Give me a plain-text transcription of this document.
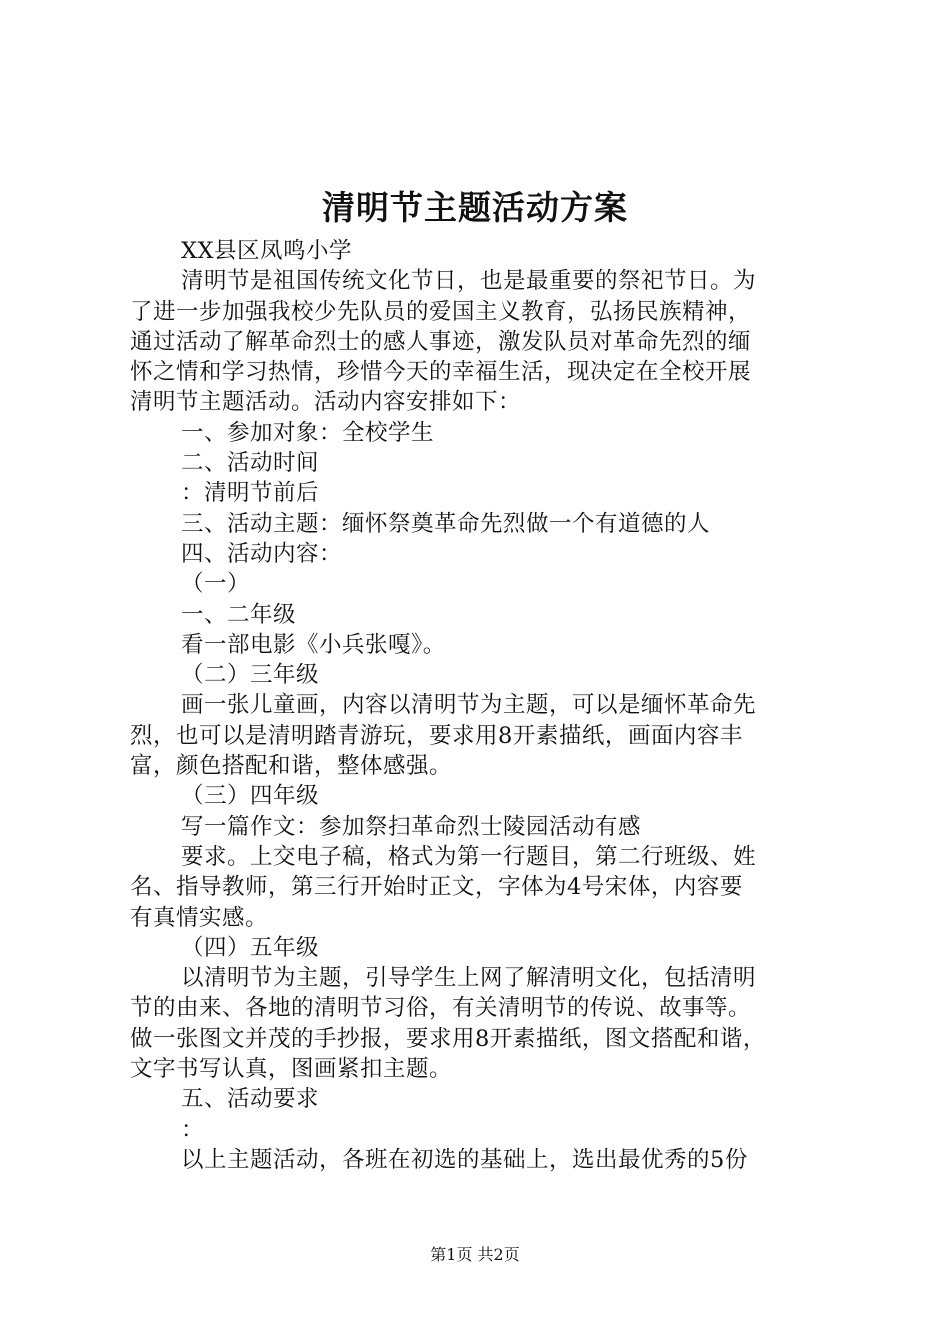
清明节主题活动方案
XX县区凤鸣小学
清明节是祖国传统文化节日，也是最重要的祭祀节日。为
了进一步加强我校少先队员的爱国主义教育，弘扬民族精神，
通过活动了解革命烈士的感人事迹，激发队员对革命先烈的缅
怀之情和学习热情，珍惜今天的幸福生活，现决定在全校开展
清明节主题活动。活动内容安排如下：
一、参加对象：全校学生
二、活动时间
：清明节前后
三、活动主题：缅怀祭奠革命先烈做一个有道德的人
四、活动内容：
（一）
一、二年级
看一部电影《小兵张嘎》。
（二）三年级
画一张儿童画，内容以清明节为主题，可以是缅怀革命先
烈，也可以是清明踏青游玩，要求用8开素描纸，画面内容丰
富，颜色搭配和谐，整体感强。
（三）四年级
写一篇作文：参加祭扫革命烈士陵园活动有感
要求。上交电子稿，格式为第一行题目，第二行班级、姓
名、指导教师，第三行开始时正文，字体为4号宋体，内容要
有真情实感。
（四）五年级
以清明节为主题，引导学生上网了解清明文化，包括清明
节的由来、各地的清明节习俗，有关清明节的传说、故事等。
做一张图文并茂的手抄报，要求用8开素描纸，图文搭配和谐，
文字书写认真，图画紧扣主题。
五、活动要求
：
以上主题活动，各班在初选的基础上，选出最优秀的5份
第1页 共2页
